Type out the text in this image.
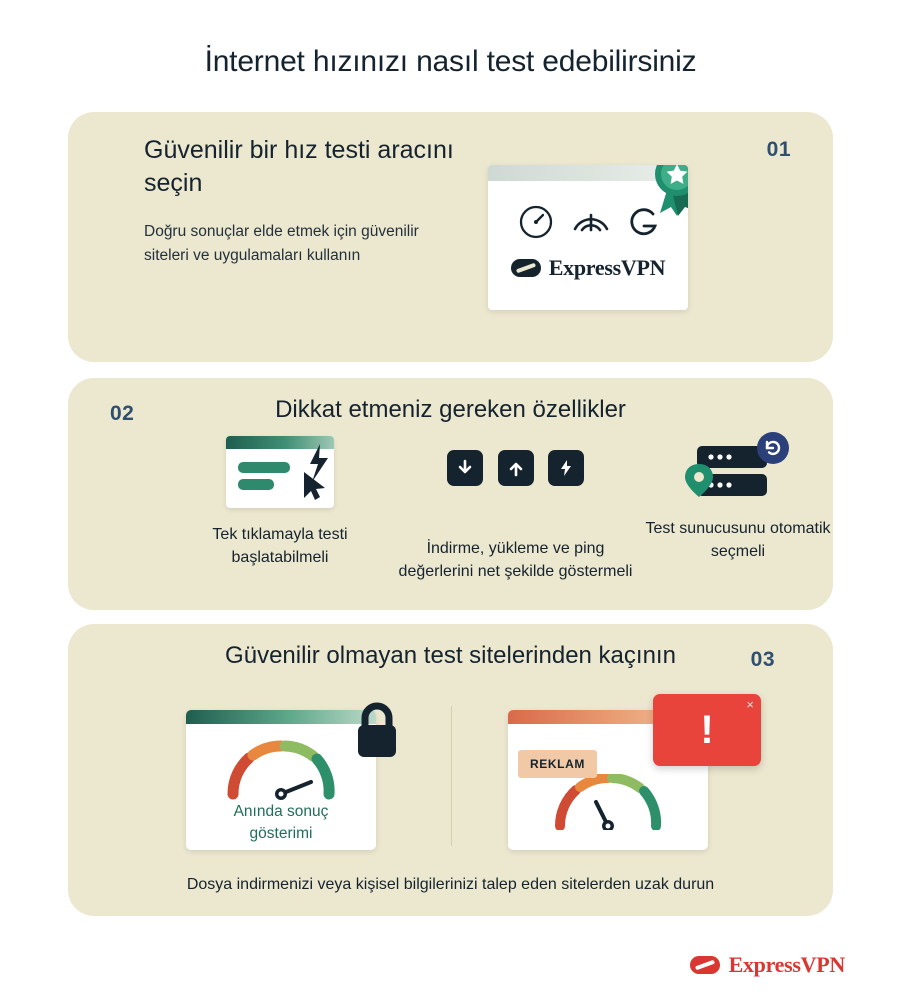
İnternet hızınızı nasıl test edebilirsiniz
01
Güvenilir bir hız testi aracını seçin
Doğru sonuçlar elde etmek için güvenilir siteleri ve uygulamaları kullanın	ExpressVPN
02	Dikkat etmeniz gereken özellikler
Tek tıklamayla testi başlatabilmeli

İndirme, yükleme ve ping değerlerini net şekilde göstermeli
Test sunucusunu otomatik seçmeli
03
Güvenilir olmayan test sitelerinden kaçının
Anında sonuç
gösterimi
REKLAM
×
!
Dosya indirmenizi veya kişisel bilgilerinizi talep eden sitelerden uzak durun
ExpressVPN
